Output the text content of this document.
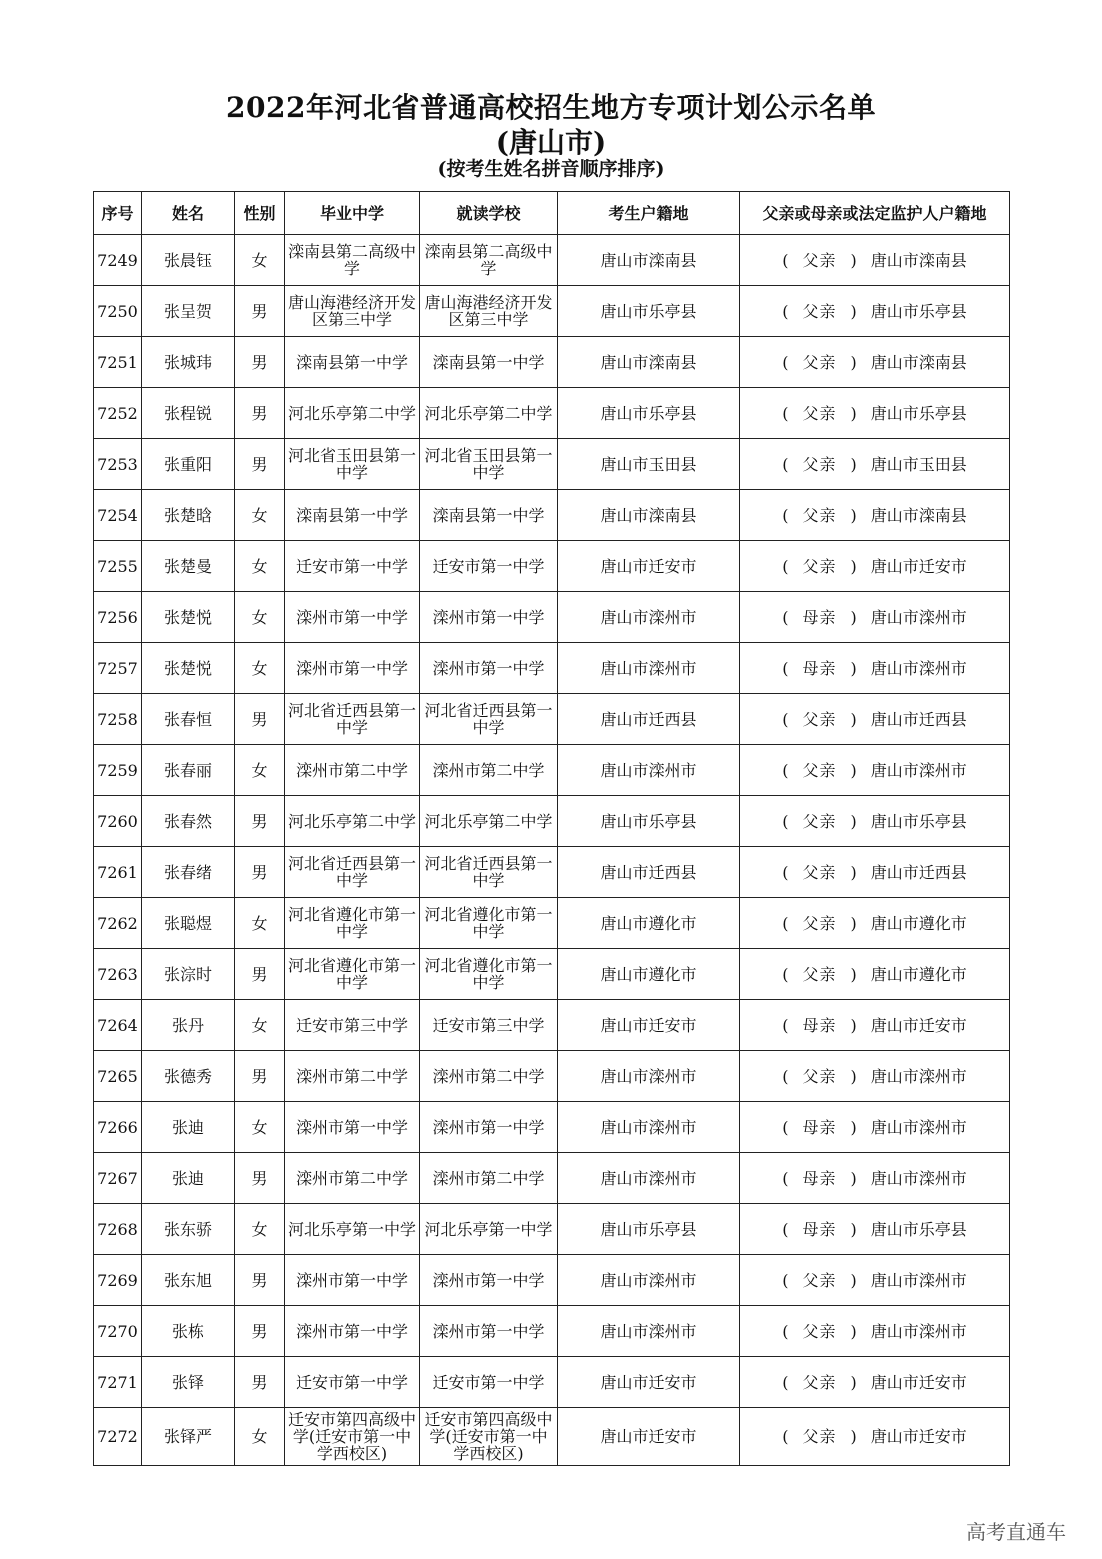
2022年河北省普通高校招生地方专项计划公示名单
(唐山市)
(按考生姓名拼音顺序排序)
序号	姓名	性别	毕业中学	就读学校	考生户籍地	父亲或母亲或法定监护人户籍地
7249	张晨钰	女	滦南县第二高级中学	滦南县第二高级中学	唐山市滦南县	( 父亲 ) 唐山市滦南县
7250	张呈贺	男	唐山海港经济开发区第三中学	唐山海港经济开发区第三中学	唐山市乐亭县	( 父亲 ) 唐山市乐亭县
7251	张城玮	男	滦南县第一中学	滦南县第一中学	唐山市滦南县	( 父亲 ) 唐山市滦南县
7252	张程锐	男	河北乐亭第二中学	河北乐亭第二中学	唐山市乐亭县	( 父亲 ) 唐山市乐亭县
7253	张重阳	男	河北省玉田县第一中学	河北省玉田县第一中学	唐山市玉田县	( 父亲 ) 唐山市玉田县
7254	张楚晗	女	滦南县第一中学	滦南县第一中学	唐山市滦南县	( 父亲 ) 唐山市滦南县
7255	张楚曼	女	迁安市第一中学	迁安市第一中学	唐山市迁安市	( 父亲 ) 唐山市迁安市
7256	张楚悦	女	滦州市第一中学	滦州市第一中学	唐山市滦州市	( 母亲 ) 唐山市滦州市
7257	张楚悦	女	滦州市第一中学	滦州市第一中学	唐山市滦州市	( 母亲 ) 唐山市滦州市
7258	张春恒	男	河北省迁西县第一中学	河北省迁西县第一中学	唐山市迁西县	( 父亲 ) 唐山市迁西县
7259	张春丽	女	滦州市第二中学	滦州市第二中学	唐山市滦州市	( 父亲 ) 唐山市滦州市
7260	张春然	男	河北乐亭第二中学	河北乐亭第二中学	唐山市乐亭县	( 父亲 ) 唐山市乐亭县
7261	张春绪	男	河北省迁西县第一中学	河北省迁西县第一中学	唐山市迁西县	( 父亲 ) 唐山市迁西县
7262	张聪煜	女	河北省遵化市第一中学	河北省遵化市第一中学	唐山市遵化市	( 父亲 ) 唐山市遵化市
7263	张淙时	男	河北省遵化市第一中学	河北省遵化市第一中学	唐山市遵化市	( 父亲 ) 唐山市遵化市
7264	张丹	女	迁安市第三中学	迁安市第三中学	唐山市迁安市	( 母亲 ) 唐山市迁安市
7265	张德秀	男	滦州市第二中学	滦州市第二中学	唐山市滦州市	( 父亲 ) 唐山市滦州市
7266	张迪	女	滦州市第一中学	滦州市第一中学	唐山市滦州市	( 母亲 ) 唐山市滦州市
7267	张迪	男	滦州市第二中学	滦州市第二中学	唐山市滦州市	( 母亲 ) 唐山市滦州市
7268	张东骄	女	河北乐亭第一中学	河北乐亭第一中学	唐山市乐亭县	( 母亲 ) 唐山市乐亭县
7269	张东旭	男	滦州市第一中学	滦州市第一中学	唐山市滦州市	( 父亲 ) 唐山市滦州市
7270	张栋	男	滦州市第一中学	滦州市第一中学	唐山市滦州市	( 父亲 ) 唐山市滦州市
7271	张铎	男	迁安市第一中学	迁安市第一中学	唐山市迁安市	( 父亲 ) 唐山市迁安市
7272	张铎严	女	迁安市第四高级中学(迁安市第一中学西校区)	迁安市第四高级中学(迁安市第一中学西校区)	唐山市迁安市	( 父亲 ) 唐山市迁安市
高考直通车
